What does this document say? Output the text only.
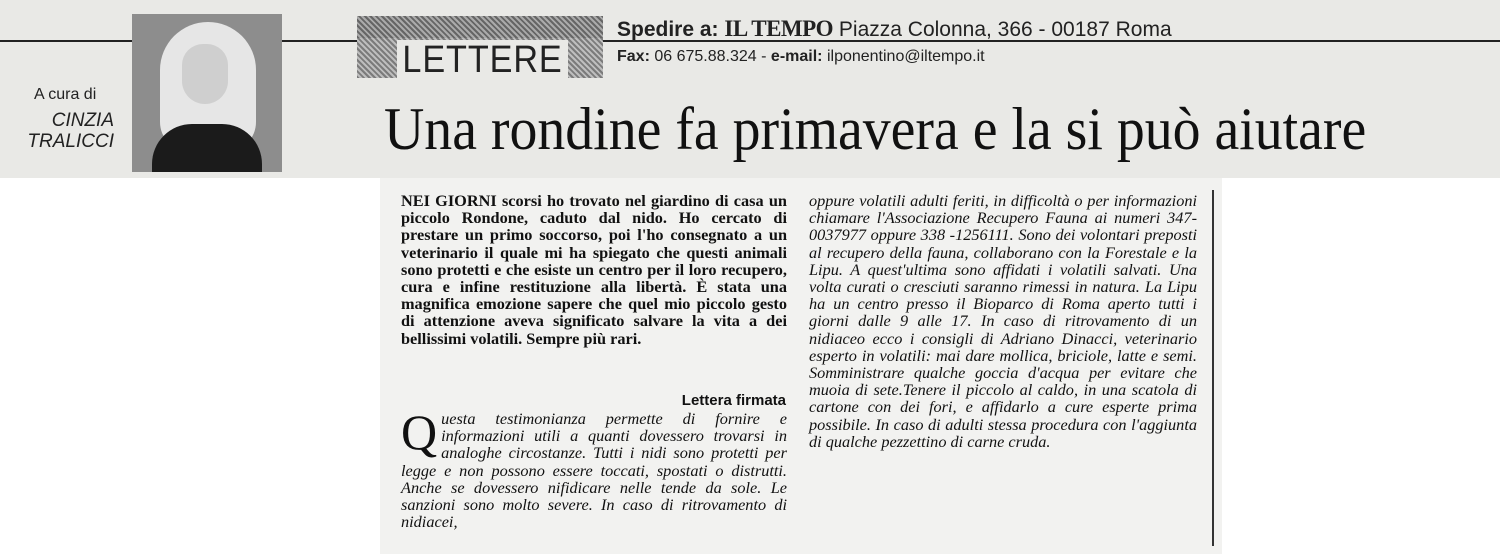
A cura di
CINZIA TRALICCI
LETTERE
Spedire a: IL TEMPO Piazza Colonna, 366 - 00187 Roma
Fax: 06 675.88.324 - e-mail: ilponentino@iltempo.it
Una rondine fa primavera e la si può aiutare

NEI GIORNI scorsi ho trovato nel giardino di casa un piccolo Rondone, caduto dal nido. Ho cercato di prestare un primo soccorso, poi l'ho consegnato a un veterinario il quale mi ha spiegato che questi animali sono protetti e che esiste un centro per il loro recupero, cura e infine restituzione alla libertà. È stata una magnifica emozione sapere che quel mio piccolo gesto di attenzione aveva significato salvare la vita a dei bellissimi volatili. Sempre più rari.

Lettera firmata

Questa testimonianza permette di fornire e informazioni utili a quanti dovessero trovarsi in analoghe circostanze. Tutti i nidi sono protetti per legge e non possono essere toccati, spostati o distrutti. Anche se dovessero nifidicare nelle tende da sole. Le sanzioni sono molto severe. In caso di ritrovamento di nidiacei,

oppure volatili adulti feriti, in difficoltà o per informazioni chiamare l'Associazione Recupero Fauna ai numeri 347-0037977 oppure 338 -1256111. Sono dei volontari preposti al recupero della fauna, collaborano con la Forestale e la Lipu. A quest'ultima sono affidati i volatili salvati. Una volta curati o cresciuti saranno rimessi in natura. La Lipu ha un centro presso il Bioparco di Roma aperto tutti i giorni dalle 9 alle 17. In caso di ritrovamento di un nidiaceo ecco i consigli di Adriano Dinacci, veterinario esperto in volatili: mai dare mollica, briciole, latte e semi. Somministrare qualche goccia d'acqua per evitare che muoia di sete.Tenere il piccolo al caldo, in una scatola di cartone con dei fori, e affidarlo a cure esperte prima possibile. In caso di adulti stessa procedura con l'aggiunta di qualche pezzettino di carne cruda.
